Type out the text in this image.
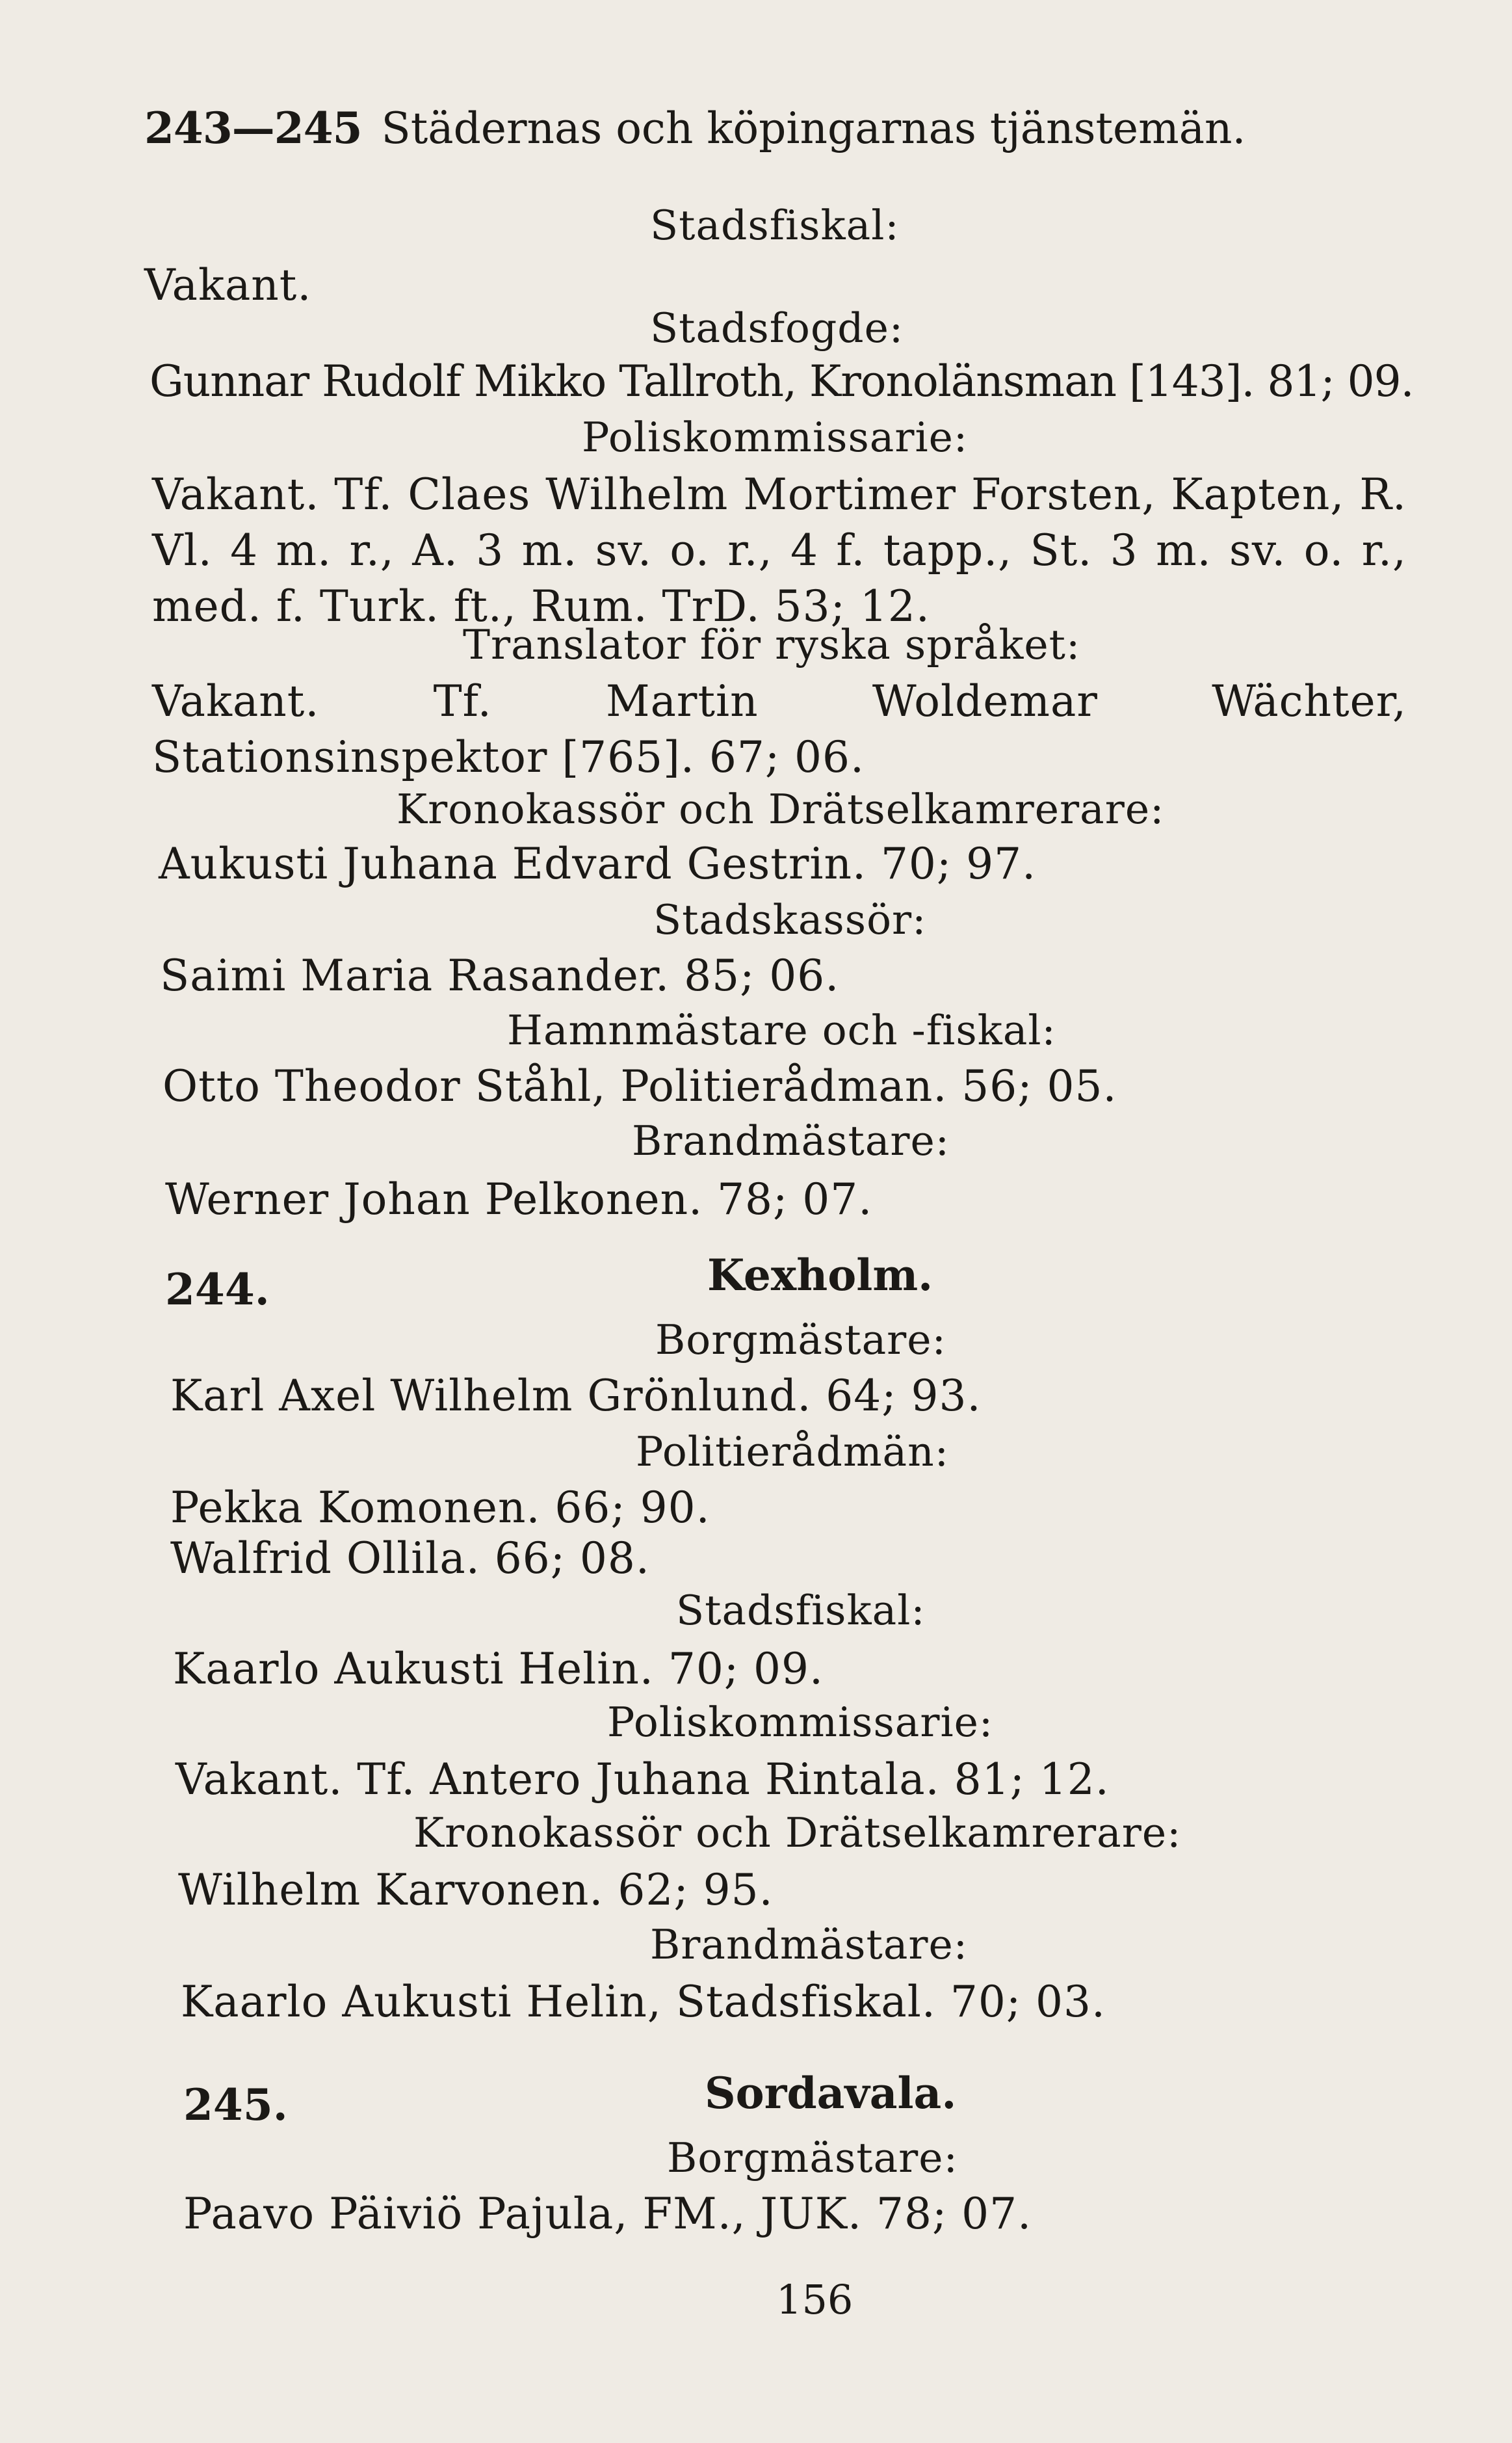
243—245 Städernas och köpingarnas tjänstemän.
Stadsfiskal:
Vakant.
Stadsfogde:
Gunnar Rudolf Mikko Tallroth, Kronolänsman [143]. 81; 09.
Poliskommissarie:
Vakant. Tf. Claes Wilhelm Mortimer Forsten, Kapten, R. Vl. 4 m. r., A. 3 m. sv. o. r., 4 f. tapp., St. 3 m. sv. o. r., med. f. Turk. ft., Rum. TrD. 53; 12.
Translator för ryska språket:
Vakant. Tf. Martin Woldemar Wächter, Stationsinspektor [765]. 67; 06.
Kronokassör och Drätselkamrerare:
Aukusti Juhana Edvard Gestrin. 70; 97.
Stadskassör:
Saimi Maria Rasander. 85; 06.
Hamnmästare och -fiskal:
Otto Theodor Ståhl, Politierådman. 56; 05.
Brandmästare:
Werner Johan Pelkonen. 78; 07.
244.	Kexholm.
Borgmästare:
Karl Axel Wilhelm Grönlund. 64; 93.
Politierådmän:
Pekka Komonen. 66; 90.
Walfrid Ollila. 66; 08.
Stadsfiskal:
Kaarlo Aukusti Helin. 70; 09.
Poliskommissarie:
Vakant. Tf. Antero Juhana Rintala. 81; 12.
Kronokassör och Drätselkamrerare:
Wilhelm Karvonen. 62; 95.
Brandmästare:
Kaarlo Aukusti Helin, Stadsfiskal. 70; 03.
245.	Sordavala.
Borgmästare:
Paavo Päiviö Pajula, FM., JUK. 78; 07.
156
